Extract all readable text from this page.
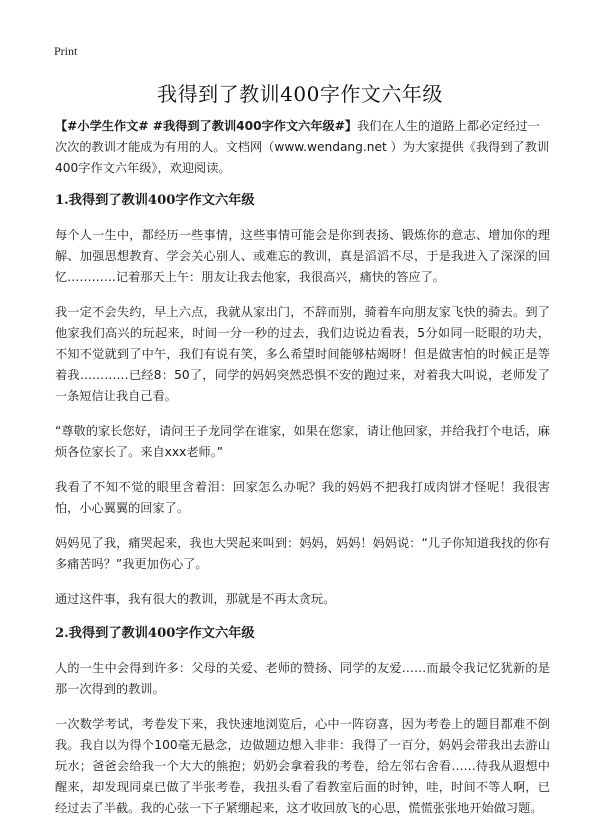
Print
我得到了教训400字作文六年级

【#小学生作文# #我得到了教训400字作文六年级#】我们在人生的道路上都必定经过一次次的教训才能成为有用的人。文档网（www.wendang.net ）为大家提供《我得到了教训400字作文六年级》，欢迎阅读。

1.我得到了教训400字作文六年级

每个人一生中，都经历一些事情，这些事情可能会是你到表扬、锻炼你的意志、增加你的理解、加强思想教育、学会关心别人、或难忘的教训，真是滔滔不尽，于是我进入了深深的回忆…………记着那天上午：朋友让我去他家，我很高兴，痛快的答应了。

我一定不会失约，早上六点，我就从家出门，不辞而别，骑着车向朋友家飞快的骑去。到了他家我们高兴的玩起来，时间一分一秒的过去，我们边说边看表，5分如同一眨眼的功夫，不知不觉就到了中午，我们有说有笑，多么希望时间能够枯竭呀！但是做害怕的时候正是等着我…………已经8：50了，同学的妈妈突然恐惧不安的跑过来，对着我大叫说，老师发了一条短信让我自己看。

“尊敬的家长您好，请问王子龙同学在谁家，如果在您家，请让他回家，并给我打个电话，麻烦各位家长了。来自xxx老师。”

我看了不知不觉的眼里含着泪：回家怎么办呢？我的妈妈不把我打成肉饼才怪呢！我很害怕，小心翼翼的回家了。

妈妈见了我，痛哭起来，我也大哭起来叫到：妈妈，妈妈！妈妈说：“儿子你知道我找的你有多痛苦吗？”我更加伤心了。

通过这件事，我有很大的教训，那就是不再太贪玩。

2.我得到了教训400字作文六年级

人的一生中会得到许多：父母的关爱、老师的赞扬、同学的友爱……而最令我记忆犹新的是那一次得到的教训。

一次数学考试，考卷发下来，我快速地浏览后，心中一阵窃喜，因为考卷上的题目都难不倒我。我自以为得个100毫无悬念，边做题边想入非非：我得了一百分，妈妈会带我出去游山玩水；爸爸会给我一个大大的熊抱；奶奶会拿着我的考卷，给左邻右舍看……待我从遐想中醒来，却发现同桌已做了半张考卷，我扭头看了看教室后面的时钟，哇，时间不等人啊，已经过去了半截。我的心弦一下子紧绷起来，这才收回放飞的心思，慌慌张张地开始做习题。
